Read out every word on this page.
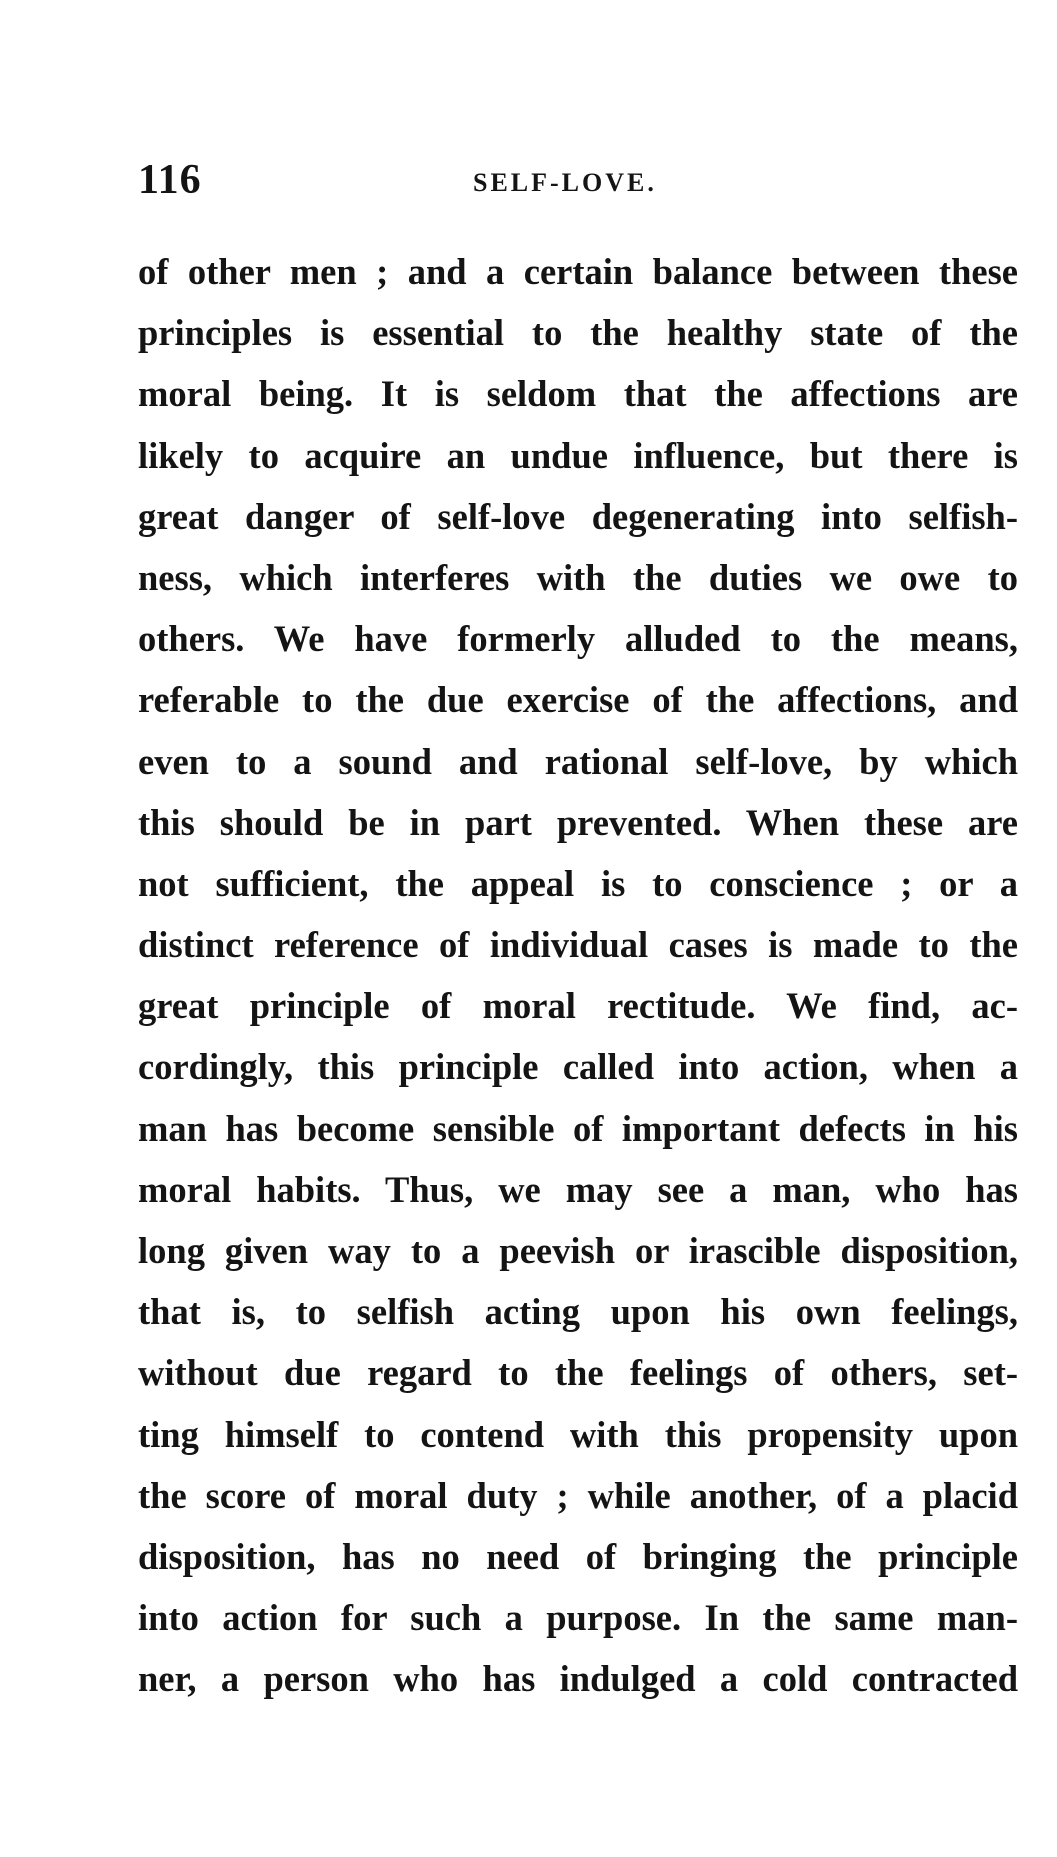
116	SELF-LOVE.
of other men ; and a certain balance between these
principles is essential to the healthy state of the
moral being. It is seldom that the affections are
likely to acquire an undue influence, but there is
great danger of self-love degenerating into selfish-
ness, which interferes with the duties we owe to
others. We have formerly alluded to the means,
referable to the due exercise of the affections, and
even to a sound and rational self-love, by which
this should be in part prevented. When these are
not sufficient, the appeal is to conscience ; or a
distinct reference of individual cases is made to the
great principle of moral rectitude. We find, ac-
cordingly, this principle called into action, when a
man has become sensible of important defects in his
moral habits. Thus, we may see a man, who has
long given way to a peevish or irascible disposition,
that is, to selfish acting upon his own feelings,
without due regard to the feelings of others, set-
ting himself to contend with this propensity upon
the score of moral duty ; while another, of a placid
disposition, has no need of bringing the principle
into action for such a purpose. In the same man-
ner, a person who has indulged a cold contracted
